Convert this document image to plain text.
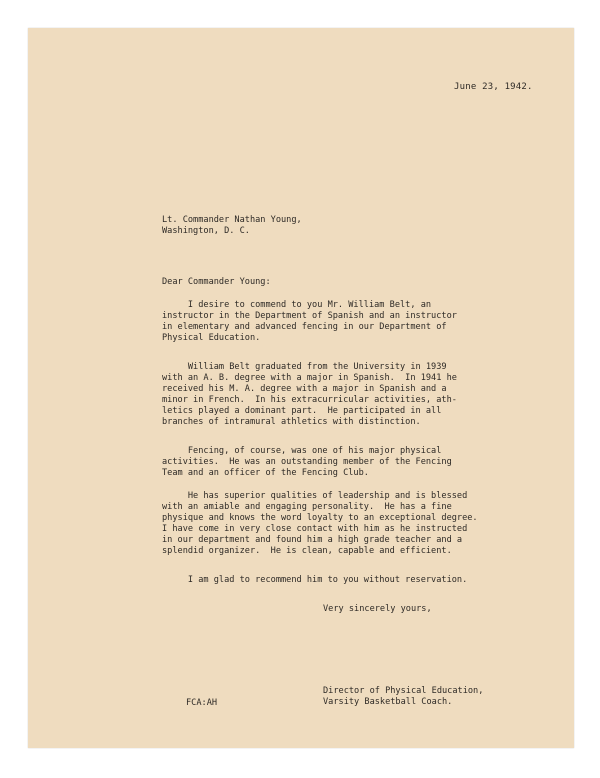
June 23, 1942.
Lt. Commander Nathan Young,
Washington, D. C.
Dear Commander Young:
I desire to commend to you Mr. William Belt, an
instructor in the Department of Spanish and an instructor
in elementary and advanced fencing in our Department of
Physical Education.
William Belt graduated from the University in 1939
with an A. B. degree with a major in Spanish.  In 1941 he
received his M. A. degree with a major in Spanish and a
minor in French.  In his extracurricular activities, ath-
letics played a dominant part.  He participated in all
branches of intramural athletics with distinction.
Fencing, of course, was one of his major physical
activities.  He was an outstanding member of the Fencing
Team and an officer of the Fencing Club.
He has superior qualities of leadership and is blessed
with an amiable and engaging personality.  He has a fine
physique and knows the word loyalty to an exceptional degree.
I have come in very close contact with him as he instructed
in our department and found him a high grade teacher and a
splendid organizer.  He is clean, capable and efficient.
I am glad to recommend him to you without reservation.
Very sincerely yours,
FCA:AH
Director of Physical Education,
Varsity Basketball Coach.
